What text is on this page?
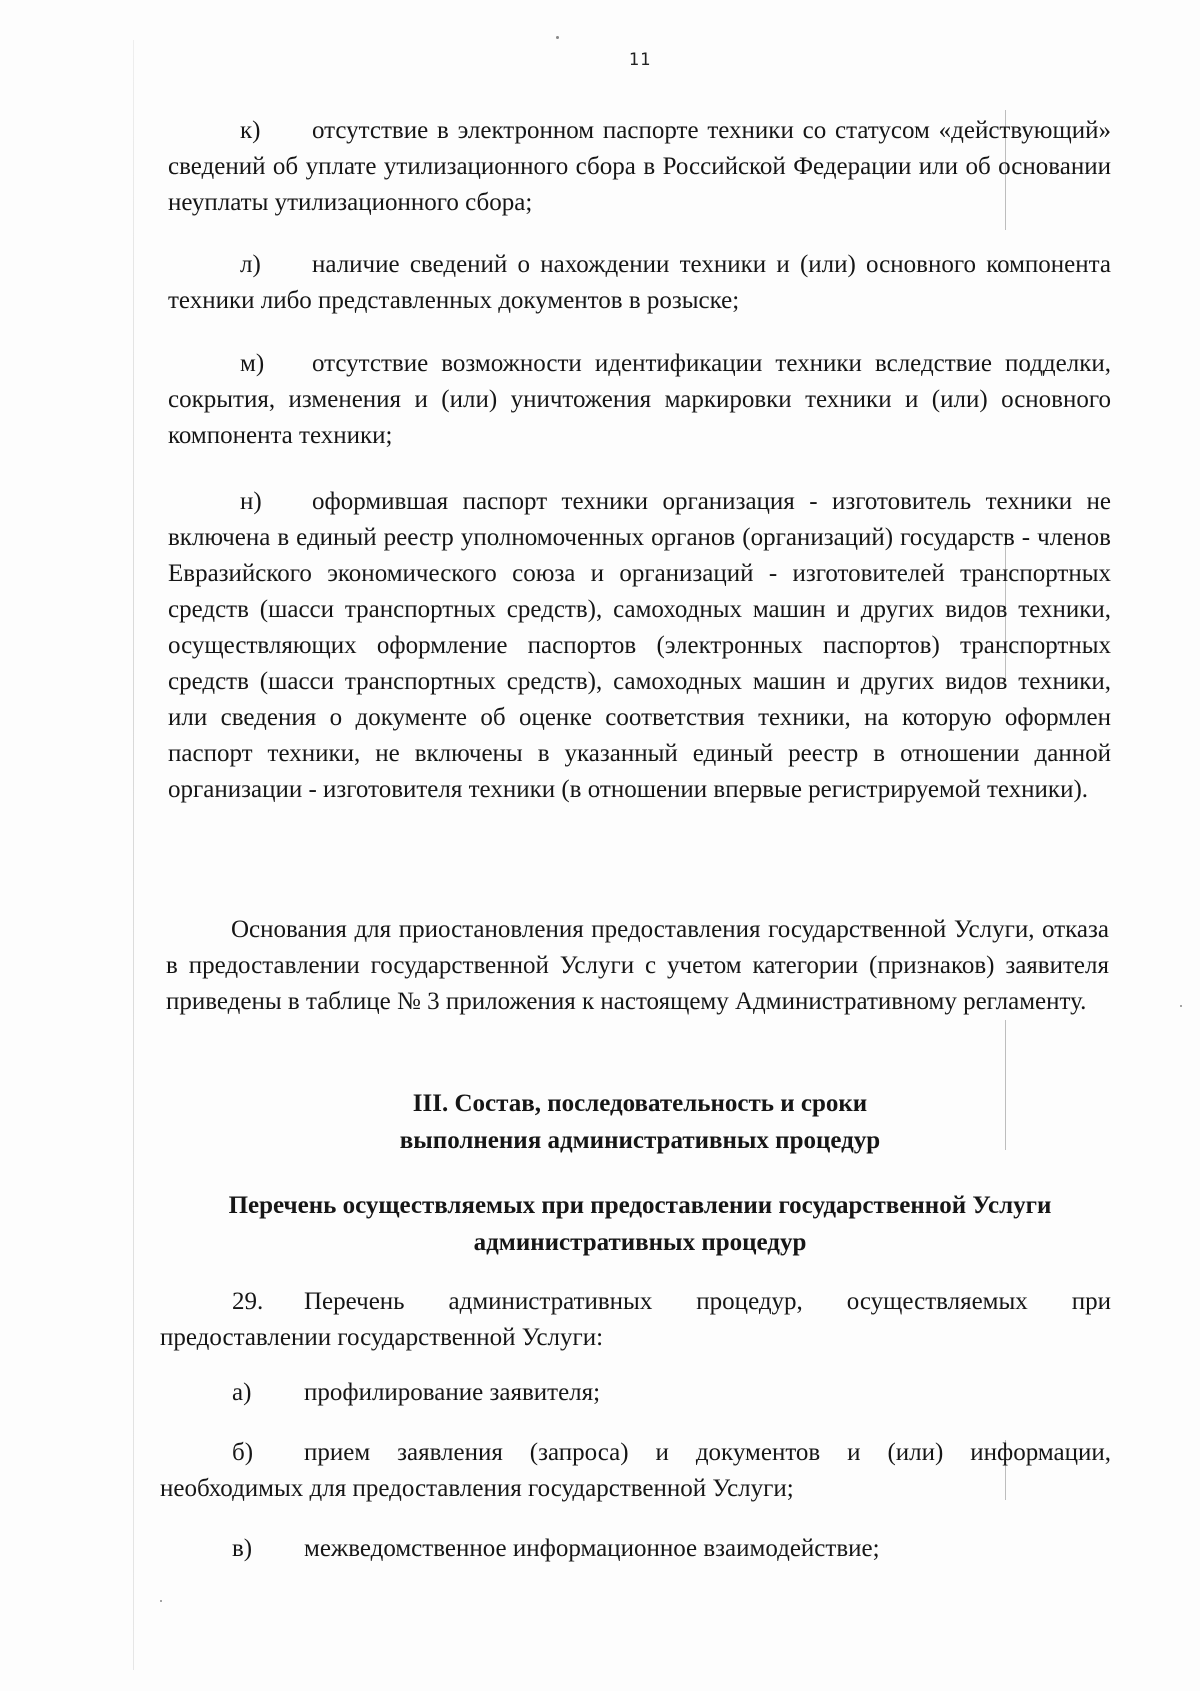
11
к) отсутствие в электронном паспорте техники со статусом «действующий» сведений об уплате утилизационного сбора в Российской Федерации или об основании неуплаты утилизационного сбора;
л) наличие сведений о нахождении техники и (или) основного компонента техники либо представленных документов в розыске;
м) отсутствие возможности идентификации техники вследствие подделки, сокрытия, изменения и (или) уничтожения маркировки техники и (или) основного компонента техники;
н) оформившая паспорт техники организация - изготовитель техники не включена в единый реестр уполномоченных органов (организаций) государств - членов Евразийского экономического союза и организаций - изготовителей транспортных средств (шасси транспортных средств), самоходных машин и других видов техники, осуществляющих оформление паспортов (электронных паспортов) транспортных средств (шасси транспортных средств), самоходных машин и других видов техники, или сведения о документе об оценке соответствия техники, на которую оформлен паспорт техники, не включены в указанный единый реестр в отношении данной организации - изготовителя техники (в отношении впервые регистрируемой техники).
Основания для приостановления предоставления государственной Услуги, отказа в предоставлении государственной Услуги с учетом категории (признаков) заявителя приведены в таблице № 3 приложения к настоящему Административному регламенту.
III. Состав, последовательность и сроки
выполнения административных процедур
Перечень осуществляемых при предоставлении государственной Услуги
административных процедур
29. Перечень административных процедур, осуществляемых при предоставлении государственной Услуги:
а) профилирование заявителя;
б) прием заявления (запроса) и документов и (или) информации, необходимых для предоставления государственной Услуги;
в) межведомственное информационное взаимодействие;
